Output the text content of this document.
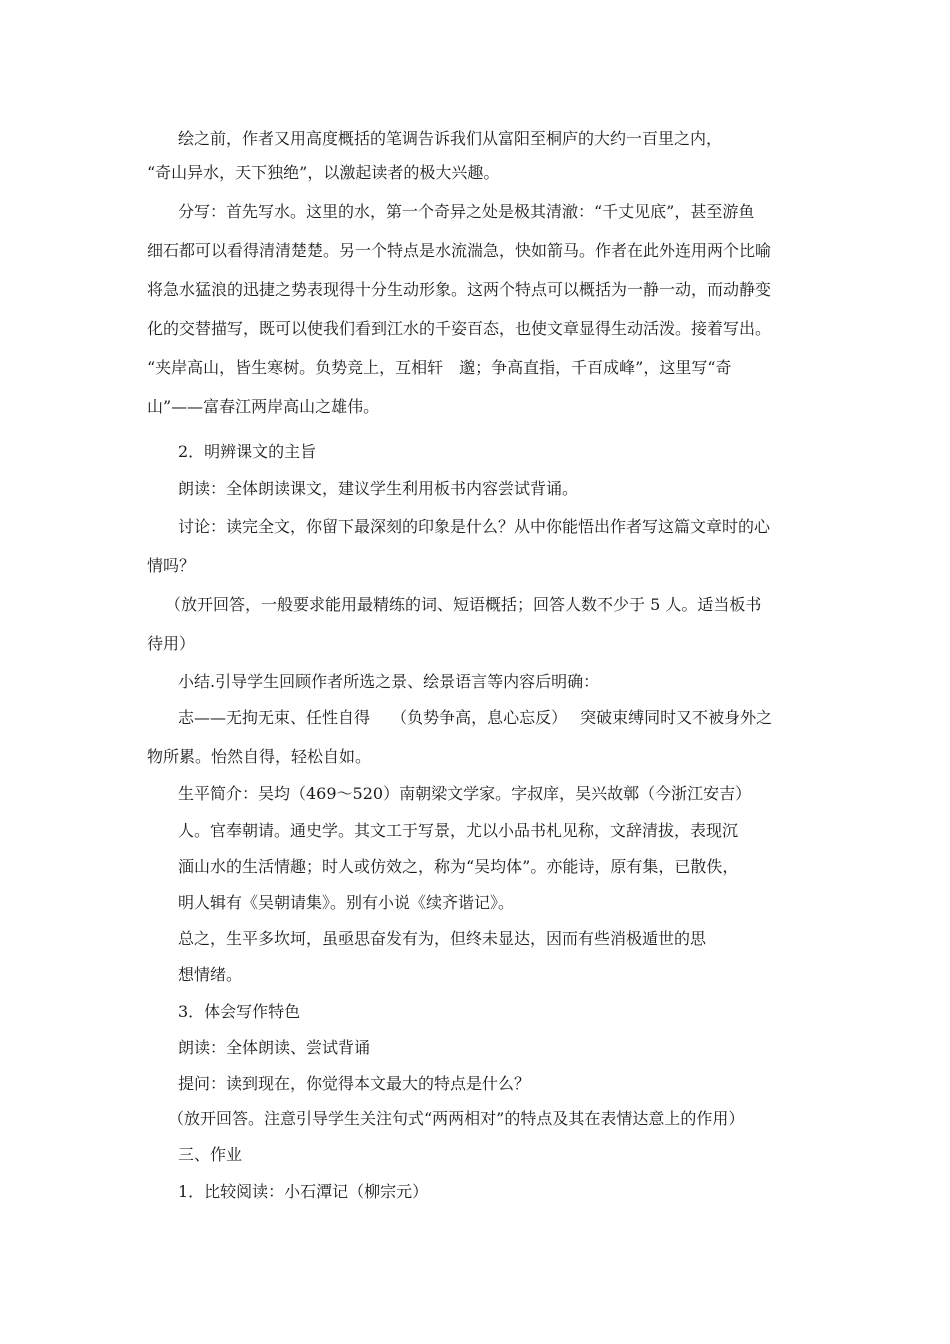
绘之前，作者又用高度概括的笔调告诉我们从富阳至桐庐的大约一百里之内，
“奇山异水，天下独绝”，以激起读者的极大兴趣。
分写：首先写水。这里的水，第一个奇异之处是极其清澈：“千丈见底”，甚至游鱼
细石都可以看得清清楚楚。另一个特点是水流湍急，快如箭马。作者在此外连用两个比喻
将急水猛浪的迅捷之势表现得十分生动形象。这两个特点可以概括为一静一动，而动静变
化的交替描写，既可以使我们看到江水的千姿百态，也使文章显得生动活泼。接着写出。
“夹岸高山，皆生寒树。负势竞上，互相轩　邈；争高直指，千百成峰”，这里写“奇
山”——富春江两岸高山之雄伟。
2．明辨课文的主旨
朗读：全体朗读课文，建议学生利用板书内容尝试背诵。
讨论：读完全文，你留下最深刻的印象是什么？从中你能悟出作者写这篇文章时的心
情吗？
（放开回答，一般要求能用最精练的词、短语概括；回答人数不少于 5 人。适当板书
待用）
小结.引导学生回顾作者所选之景、绘景语言等内容后明确：
志——无拘无束、任性自得　 （负势争高，息心忘反）　 突破束缚同时又不被身外之
物所累。怡然自得，轻松自如。
生平简介：吴均（469～520）南朝梁文学家。字叔庠，吴兴故鄣（今浙江安吉）
人。官奉朝请。通史学。其文工于写景，尤以小品书札见称，文辞清拔，表现沉
湎山水的生活情趣；时人或仿效之，称为“吴均体”。亦能诗，原有集，已散佚，
明人辑有《吴朝请集》。别有小说《续齐谐记》。
总之，生平多坎坷，虽亟思奋发有为，但终未显达，因而有些消极遁世的思
想情绪。
3．体会写作特色
朗读：全体朗读、尝试背诵
提问：读到现在，你觉得本文最大的特点是什么？
（放开回答。注意引导学生关注句式“两两相对”的特点及其在表情达意上的作用）
三、作业
1．比较阅读：小石潭记（柳宗元）
